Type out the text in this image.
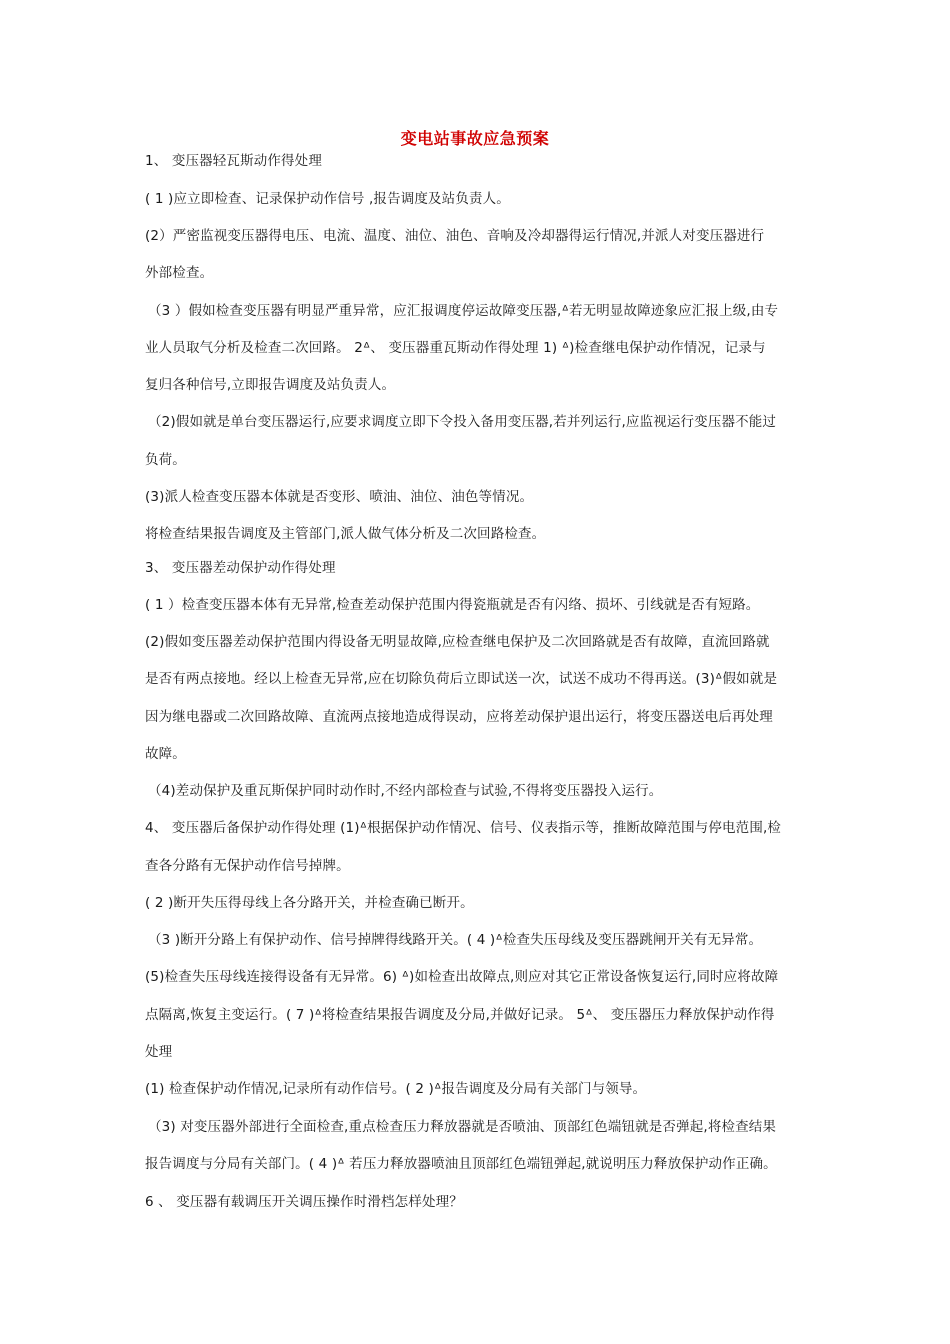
变电站事故应急预案
1、 变压器轻瓦斯动作得处理
( 1 )应立即检查、记录保护动作信号 ,报告调度及站负责人。
(2）严密监视变压器得电压、电流、温度、油位、油色、音响及冷却器得运行情况,并派人对变压器进行
外部检查。
（3 ）假如检查变压器有明显严重异常，应汇报调度停运故障变压器,ᐞ若无明显故障迹象应汇报上级,由专
业人员取气分析及检查二次回路。 2ᐞ、 变压器重瓦斯动作得处理 1) ᐞ)检查继电保护动作情况，记录与
复归各种信号,立即报告调度及站负责人。
（2)假如就是单台变压器运行,应要求调度立即下令投入备用变压器,若并列运行,应监视运行变压器不能过
负荷。
(3)派人检查变压器本体就是否变形、喷油、油位、油色等情况。
将检查结果报告调度及主管部门,派人做气体分析及二次回路检查。
3、 变压器差动保护动作得处理
( 1 ）检查变压器本体有无异常,检查差动保护范围内得瓷瓶就是否有闪络、损坏、引线就是否有短路。
(2)假如变压器差动保护范围内得设备无明显故障,应检查继电保护及二次回路就是否有故障，直流回路就
是否有两点接地。经以上检查无异常,应在切除负荷后立即试送一次，试送不成功不得再送。(3)ᐞ假如就是
因为继电器或二次回路故障、直流两点接地造成得误动，应将差动保护退出运行，将变压器送电后再处理
故障。
（4)差动保护及重瓦斯保护同时动作时,不经内部检查与试验,不得将变压器投入运行。
4、 变压器后备保护动作得处理 (1)ᐞ根据保护动作情况、信号、仪表指示等，推断故障范围与停电范围,检
查各分路有无保护动作信号掉牌。
( 2 )断开失压得母线上各分路开关，并检查确已断开。
（3 )断开分路上有保护动作、信号掉牌得线路开关。( 4 )ᐞ检查失压母线及变压器跳闸开关有无异常。
(5)检查失压母线连接得设备有无异常。6) ᐞ)如检查出故障点,则应对其它正常设备恢复运行,同时应将故障
点隔离,恢复主变运行。( 7 )ᐞ将检查结果报告调度及分局,并做好记录。 5ᐞ、 变压器压力释放保护动作得
处理
(1) 检查保护动作情况,记录所有动作信号。( 2 )ᐞ报告调度及分局有关部门与领导。
（3) 对变压器外部进行全面检查,重点检查压力释放器就是否喷油、顶部红色端钮就是否弹起,将检查结果
报告调度与分局有关部门。( 4 )ᐞ 若压力释放器喷油且顶部红色端钮弹起,就说明压力释放保护动作正确。
6 、 变压器有载调压开关调压操作时滑档怎样处理？
